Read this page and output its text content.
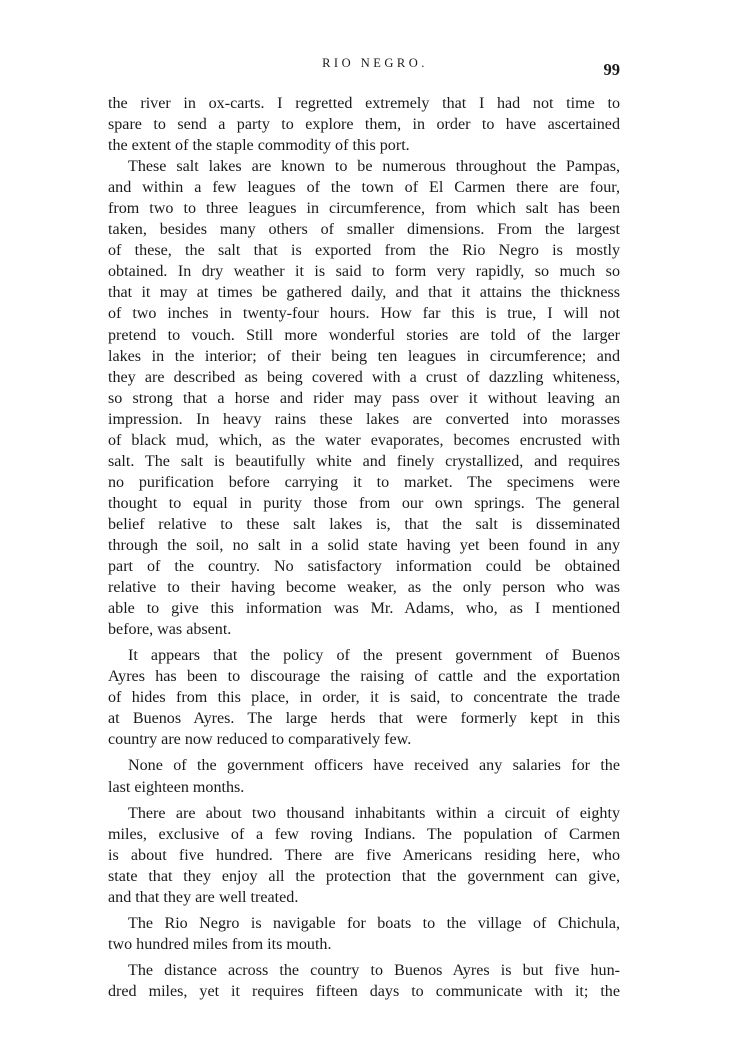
RIO NEGRO.	99
the river in ox-carts. I regretted extremely that I had not time to
spare to send a party to explore them, in order to have ascertained
the extent of the staple commodity of this port.
These salt lakes are known to be numerous throughout the Pampas,
and within a few leagues of the town of El Carmen there are four,
from two to three leagues in circumference, from which salt has been
taken, besides many others of smaller dimensions. From the largest
of these, the salt that is exported from the Rio Negro is mostly
obtained. In dry weather it is said to form very rapidly, so much so
that it may at times be gathered daily, and that it attains the thickness
of two inches in twenty-four hours. How far this is true, I will not
pretend to vouch. Still more wonderful stories are told of the larger
lakes in the interior; of their being ten leagues in circumference; and
they are described as being covered with a crust of dazzling whiteness,
so strong that a horse and rider may pass over it without leaving an
impression. In heavy rains these lakes are converted into morasses
of black mud, which, as the water evaporates, becomes encrusted with
salt. The salt is beautifully white and finely crystallized, and requires
no purification before carrying it to market. The specimens were
thought to equal in purity those from our own springs. The general
belief relative to these salt lakes is, that the salt is disseminated
through the soil, no salt in a solid state having yet been found in any
part of the country. No satisfactory information could be obtained
relative to their having become weaker, as the only person who was
able to give this information was Mr. Adams, who, as I mentioned
before, was absent.
It appears that the policy of the present government of Buenos
Ayres has been to discourage the raising of cattle and the exportation
of hides from this place, in order, it is said, to concentrate the trade
at Buenos Ayres. The large herds that were formerly kept in this
country are now reduced to comparatively few.
None of the government officers have received any salaries for the
last eighteen months.
There are about two thousand inhabitants within a circuit of eighty
miles, exclusive of a few roving Indians. The population of Carmen
is about five hundred. There are five Americans residing here, who
state that they enjoy all the protection that the government can give,
and that they are well treated.
The Rio Negro is navigable for boats to the village of Chichula,
two hundred miles from its mouth.
The distance across the country to Buenos Ayres is but five hun-
dred miles, yet it requires fifteen days to communicate with it; the
